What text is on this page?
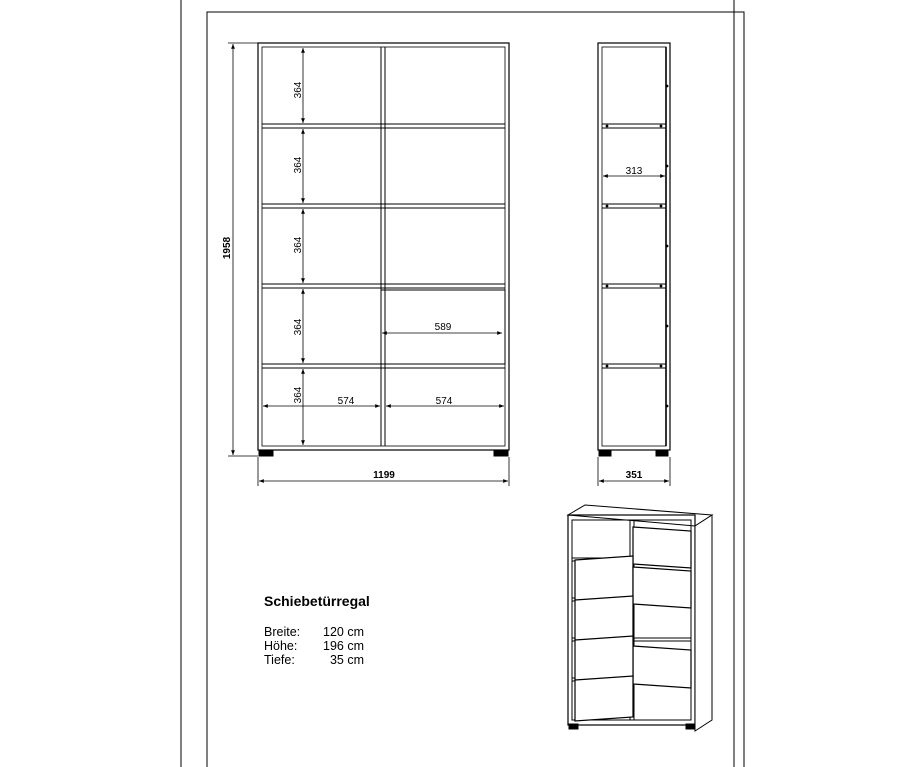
364
364
364
364
364
589
574	574
1958
1199
313
351
Schiebetürregal
Breite:	120 cm
Höhe:	196 cm
Tiefe:	35 cm
